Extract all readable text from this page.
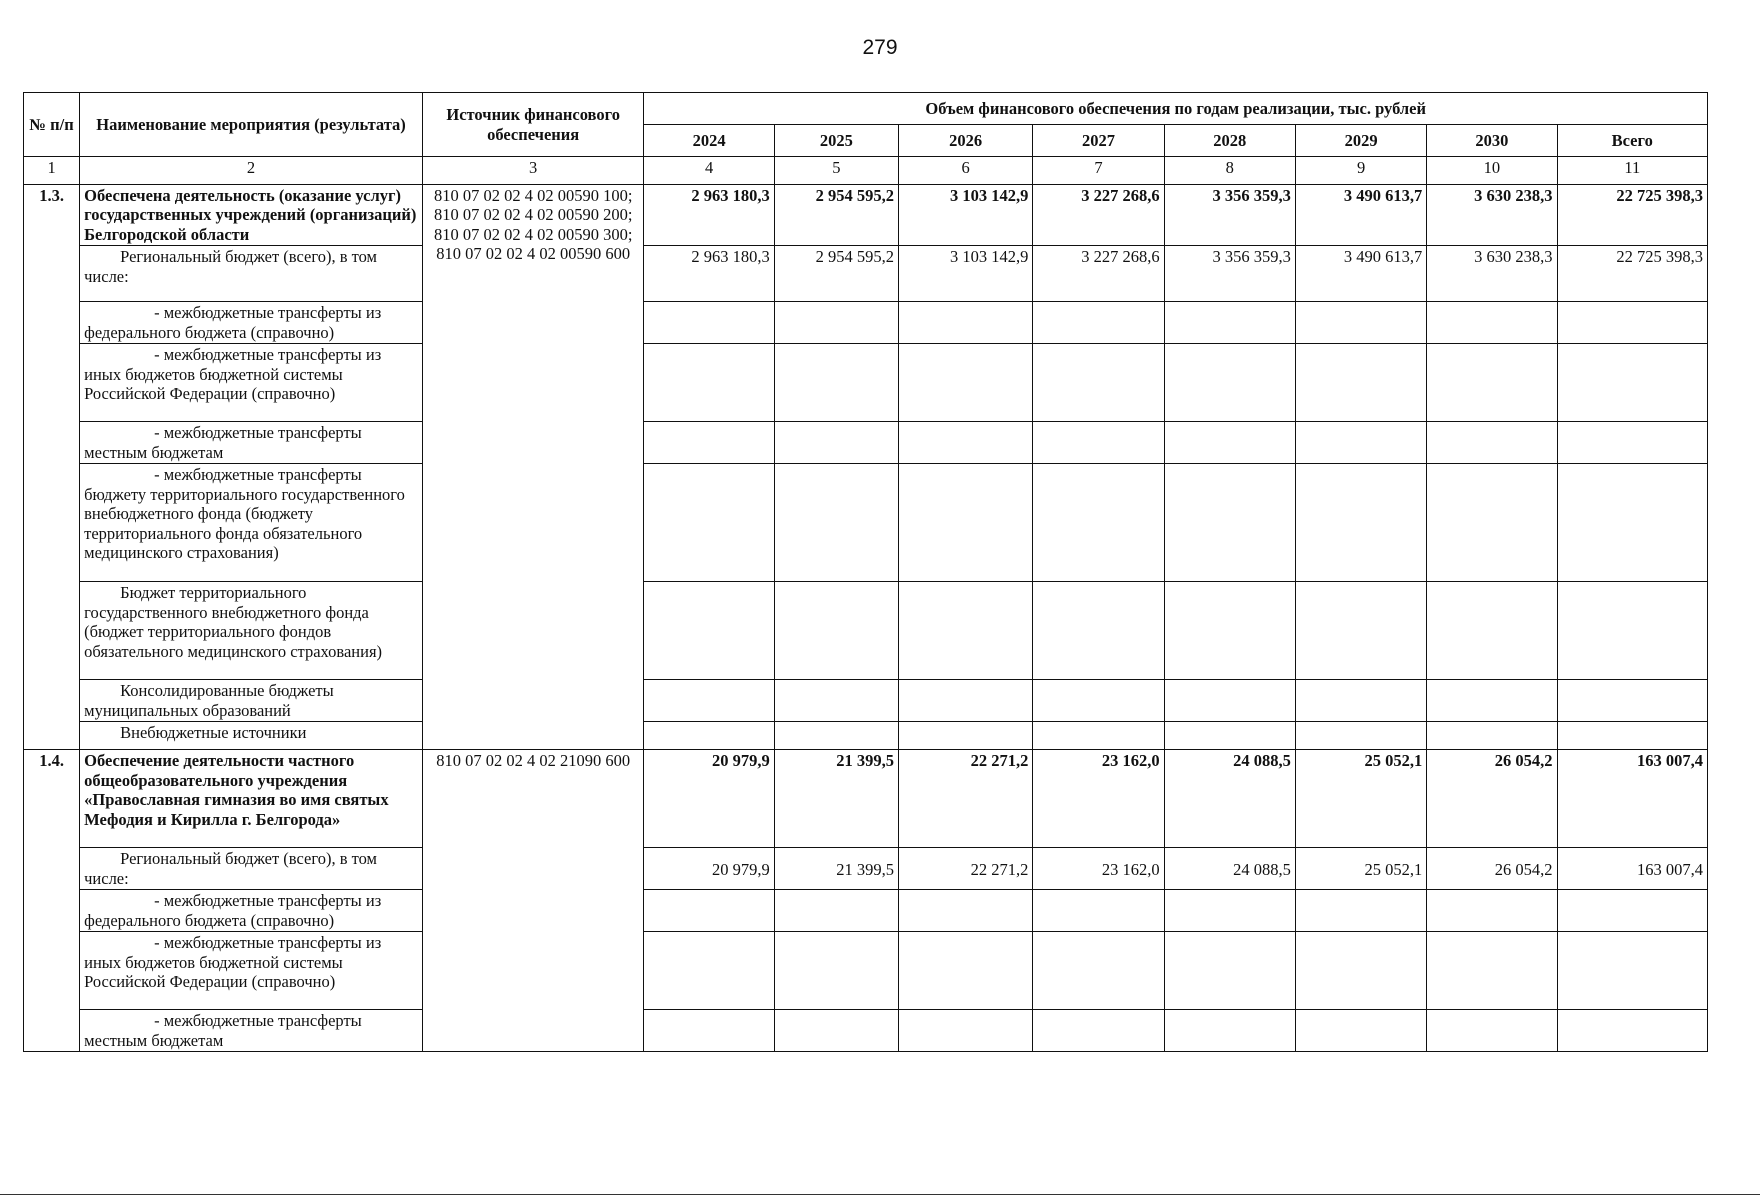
279
№ п/п	Наименование мероприятия (результата)	Источник финансового обеспечения	Объем финансового обеспечения по годам реализации, тыс. рублей							
			2024	2025	2026	2027	2028	2029	2030	Всего
1	2	3	4	5	6	7	8	9	10	11
1.3.	Обеспечена деятельность (оказание услуг) государственных учреждений (организаций) Белгородской области	810 07 02 02 4 02 00590 100;
810 07 02 02 4 02 00590 200;
810 07 02 02 4 02 00590 300;
810 07 02 02 4 02 00590 600	2 963 180,3	2 954 595,2	3 103 142,9	3 227 268,6	3 356 359,3	3 490 613,7	3 630 238,3	22 725 398,3
	Региональный бюджет (всего), в том числе:		2 963 180,3	2 954 595,2	3 103 142,9	3 227 268,6	3 356 359,3	3 490 613,7	3 630 238,3	22 725 398,3
	- межбюджетные трансферты из федерального бюджета (справочно)									
	- межбюджетные трансферты из иных бюджетов бюджетной системы Российской Федерации (справочно)									
	- межбюджетные трансферты местным бюджетам									
	- межбюджетные трансферты бюджету территориального государственного внебюджетного фонда (бюджету территориального фонда обязательного медицинского страхования)									
	Бюджет территориального государственного внебюджетного фонда (бюджет территориального фондов обязательного медицинского страхования)									
	Консолидированные бюджеты муниципальных образований									
	Внебюджетные источники									
1.4.	Обеспечение деятельности частного общеобразовательного учреждения «Православная гимназия во имя святых Мефодия и Кирилла г. Белгорода»	810 07 02 02 4 02 21090 600	20 979,9	21 399,5	22 271,2	23 162,0	24 088,5	25 052,1	26 054,2	163 007,4
	Региональный бюджет (всего), в том числе:		20 979,9	21 399,5	22 271,2	23 162,0	24 088,5	25 052,1	26 054,2	163 007,4
	- межбюджетные трансферты из федерального бюджета (справочно)									
	- межбюджетные трансферты из иных бюджетов бюджетной системы Российской Федерации (справочно)									
	- межбюджетные трансферты местным бюджетам									
